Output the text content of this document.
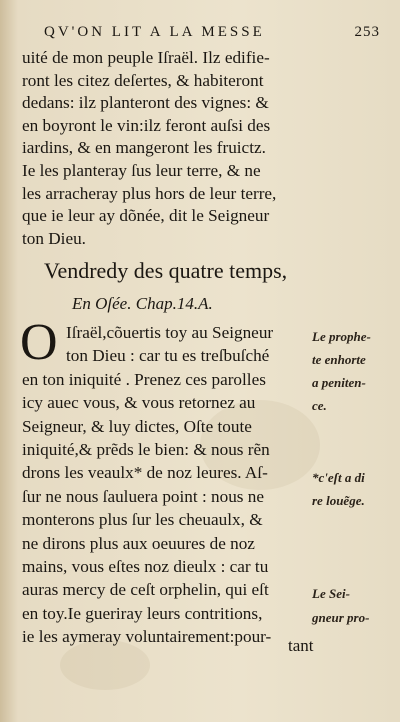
QV'ON LIT A LA MESSE	253
uité de mon peuple Iſraël. Ilz edifie-
ront les citez deſertes, & habiteront
dedans: ilz planteront des vignes: &
en boyront le vin:ilz feront auſsi des
iardins, & en mangeront les fruictz.
Ie les planteray ſus leur terre, & ne
les arracheray plus hors de leur terre,
que ie leur ay dõnée, dit le Seigneur
ton Dieu.
Vendredy des quatre temps,
En Oſée. Chap.14.A.
O Iſraël,cõuertis toy au Seigneur
ton Dieu : car tu es treſbuſché
en ton iniquité . Prenez ces parolles
icy auec vous, & vous retornez au
Seigneur, & luy dictes, Oſte toute
iniquité,& prẽds le bien: & nous rẽn
drons les veaulx* de noz leures. Aſ-
ſur ne nous ſauluera point : nous ne
monterons plus ſur les cheuaulx, &
ne dirons plus aux oeuures de noz
mains, vous eſtes noz dieulx : car tu
auras mercy de ceſt orphelin, qui eſt
en toy.Ie gueriray leurs contritions,
ie les aymeray voluntairement:pour- tant
Le prophe-
te enhorte
a peniten-
ce.
*c'eſt a di
re louẽge.
Le Sei-
gneur pro-
